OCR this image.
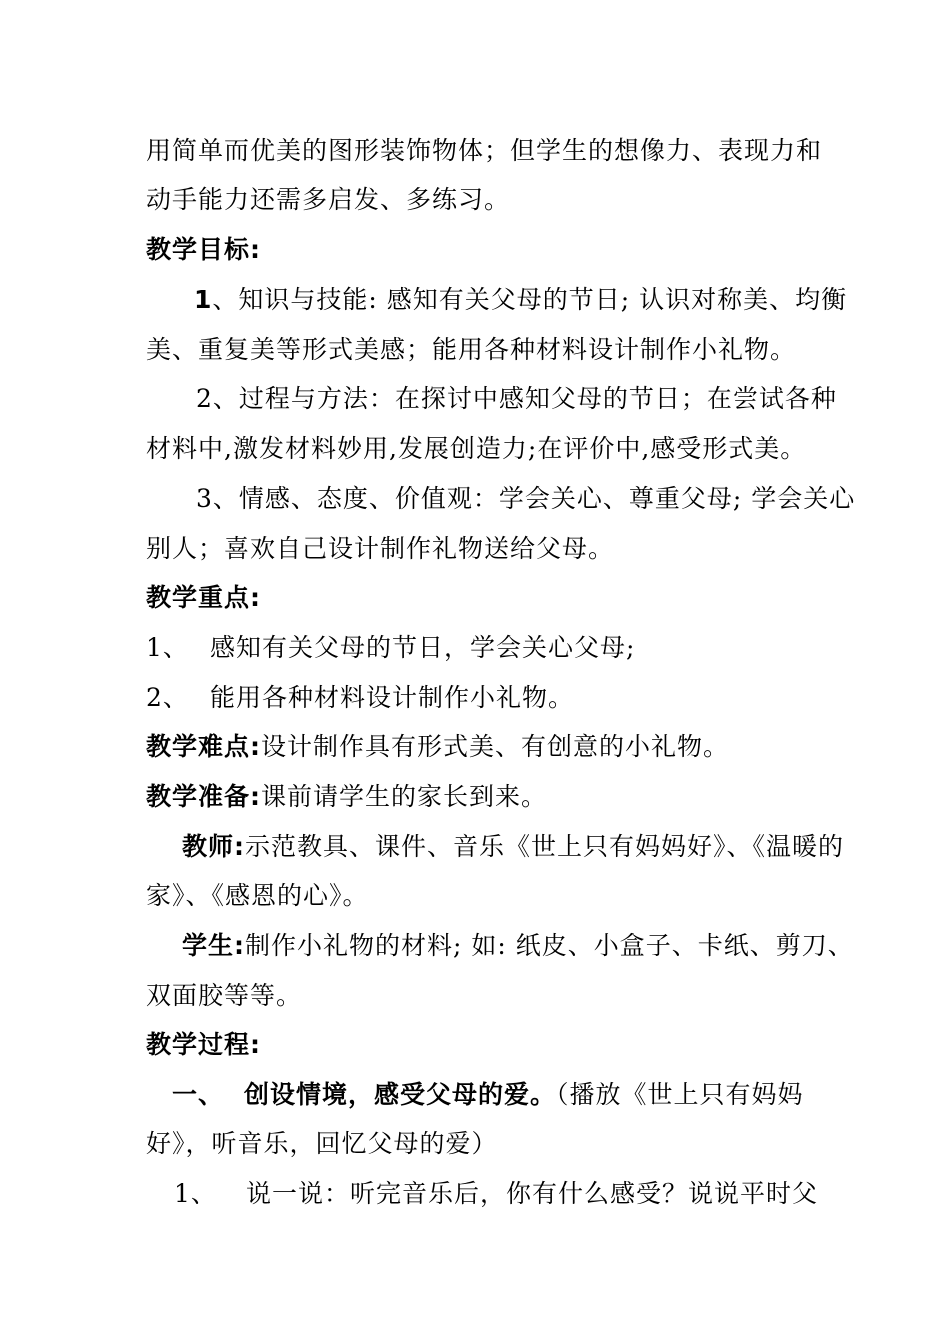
用简单而优美的图形装饰物体；但学生的想像力、表现力和
动手能力还需多启发、多练习。
教学目标:
1、知识与技能: 感知有关父母的节日; 认识对称美、均衡
美、重复美等形式美感；能用各种材料设计制作小礼物。
2、过程与方法：在探讨中感知父母的节日；在尝试各种
材料中,激发材料妙用,发展创造力;在评价中,感受形式美。
3、情感、态度、价值观：学会关心、尊重父母; 学会关心
别人；喜欢自己设计制作礼物送给父母。
教学重点:
1、 感知有关父母的节日，学会关心父母;
2、 能用各种材料设计制作小礼物。
教学难点:设计制作具有形式美、有创意的小礼物。
教学准备:课前请学生的家长到来。
教师:示范教具、课件、音乐《世上只有妈妈好》、《温暖的
家》、《感恩的心》。
学生:制作小礼物的材料; 如: 纸皮、小盒子、卡纸、剪刀、
双面胶等等。
教学过程:
一、 创设情境，感受父母的爱。（播放《世上只有妈妈
好》，听音乐，回忆父母的爱）
1、 说一说：听完音乐后，你有什么感受？说说平时父
